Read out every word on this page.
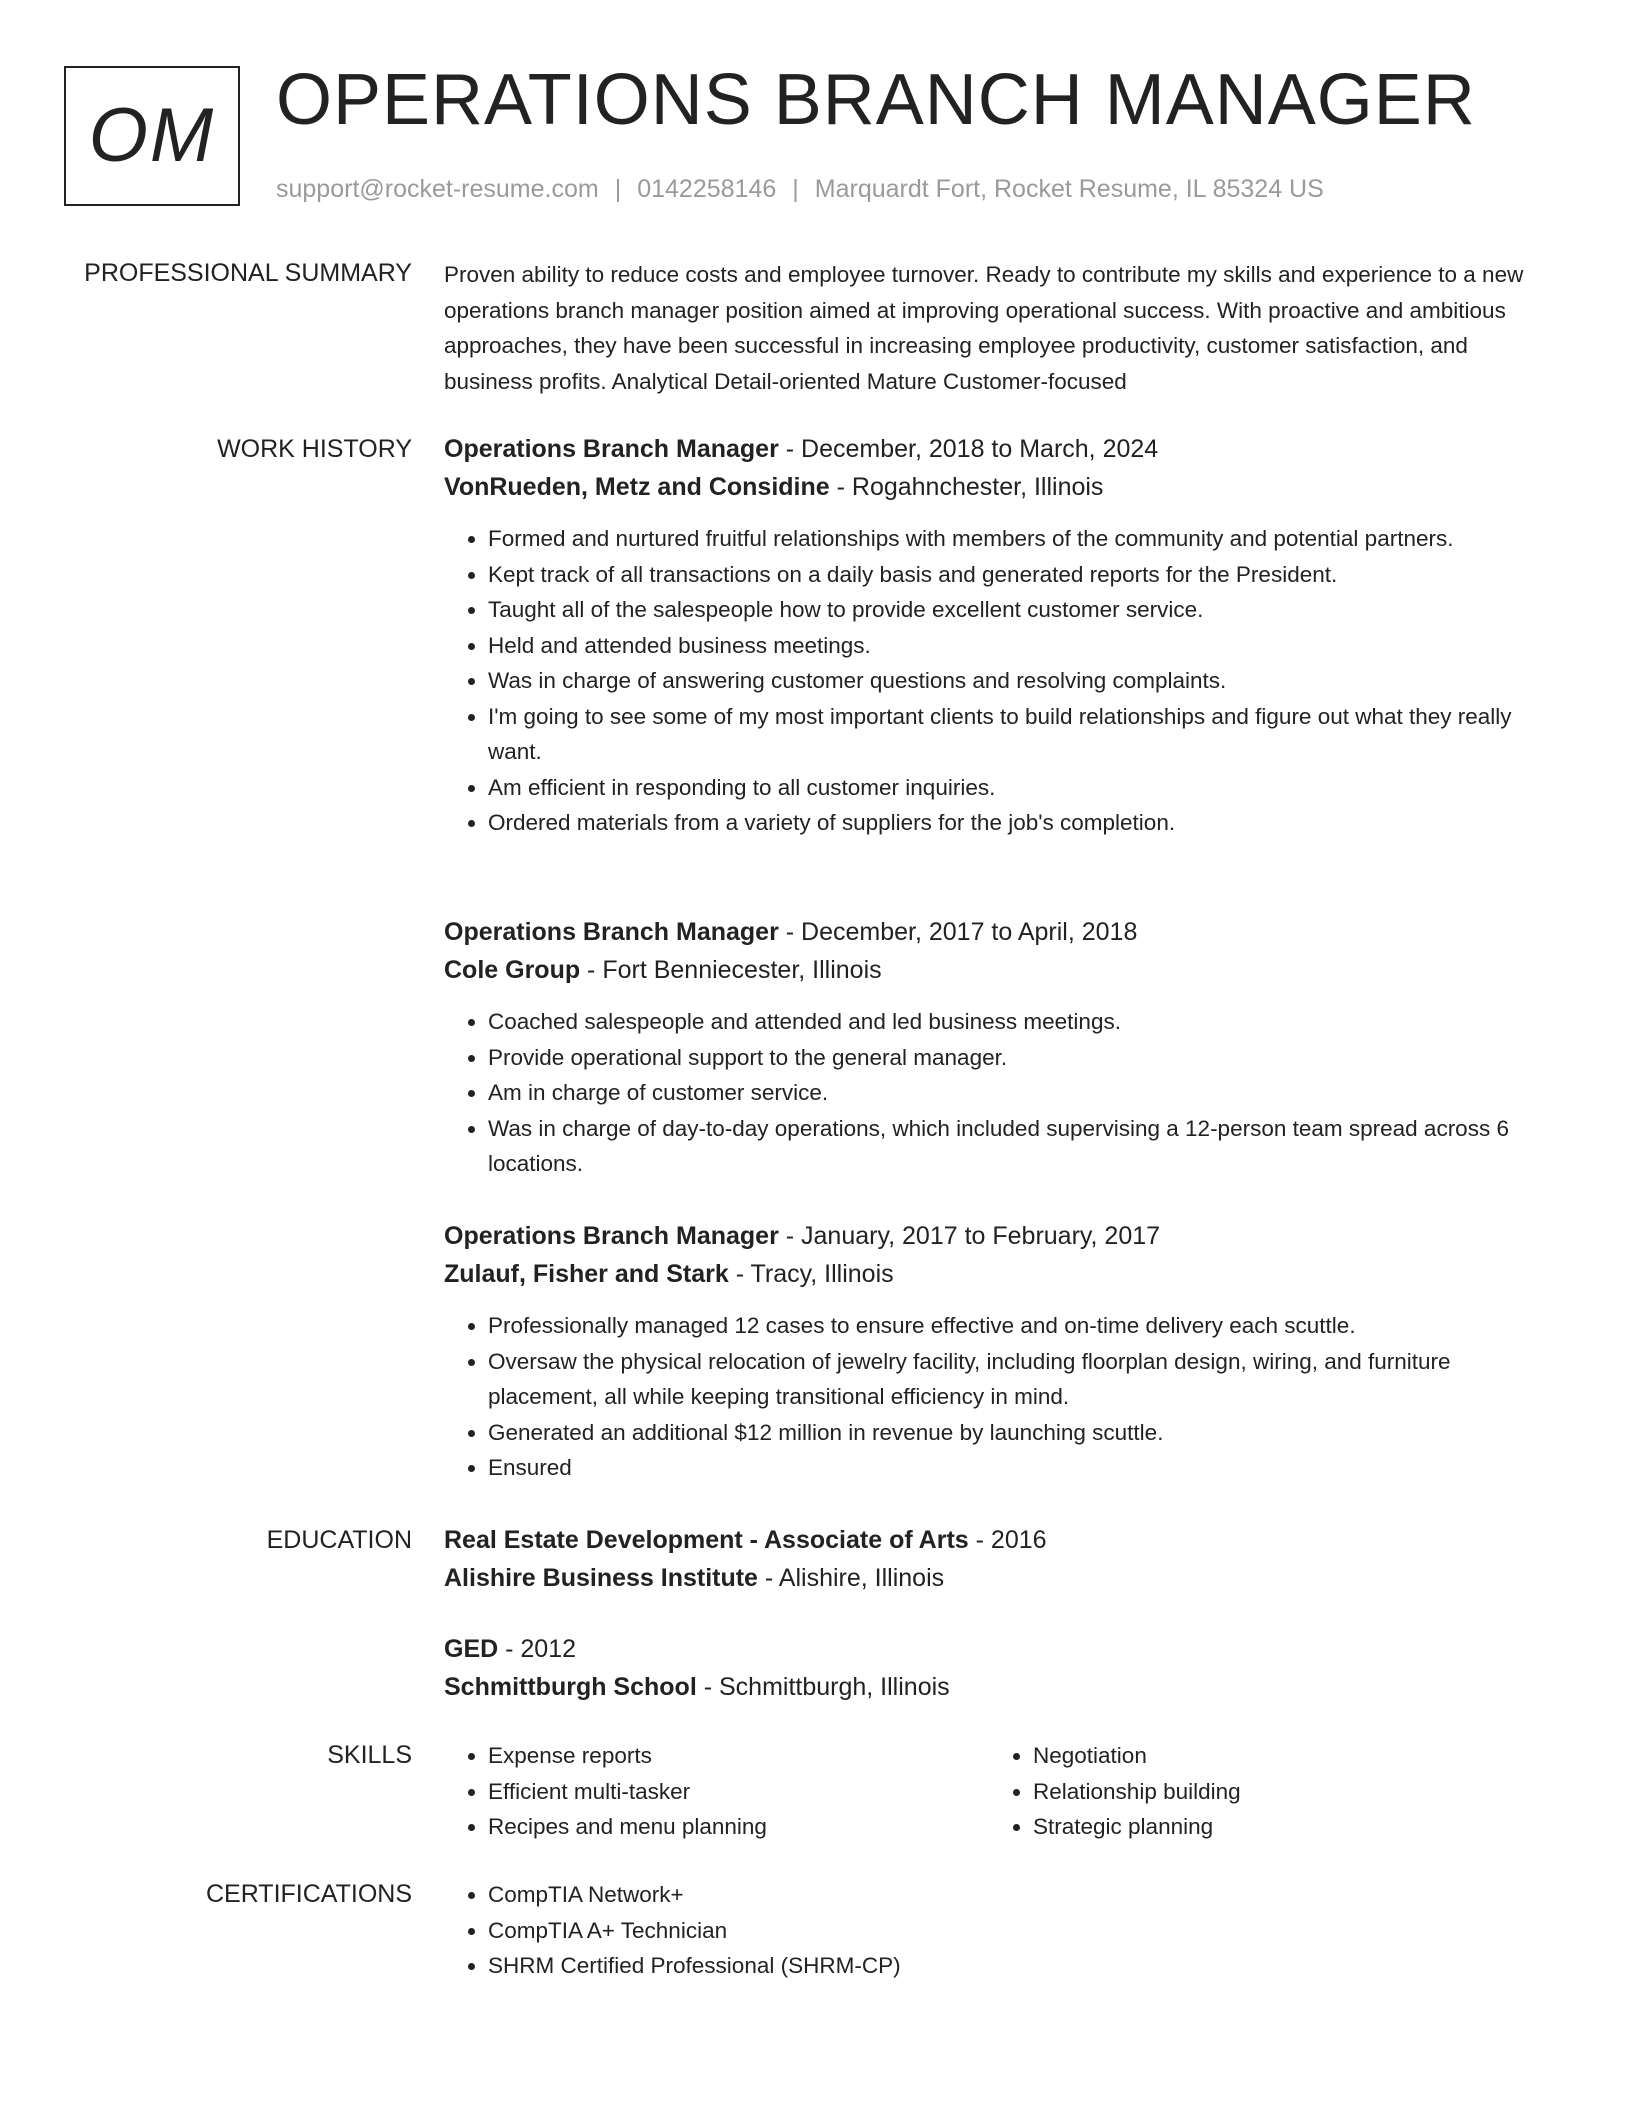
OM OPERATIONS BRANCH MANAGER
support@rocket-resume.com | 0142258146 | Marquardt Fort, Rocket Resume, IL 85324 US
PROFESSIONAL SUMMARY Proven ability to reduce costs and employee turnover. Ready to contribute my skills and experience to a new operations branch manager position aimed at improving operational success. With proactive and ambitious approaches, they have been successful in increasing employee productivity, customer satisfaction, and business profits. Analytical Detail-oriented Mature Customer-focused

WORK HISTORY Operations Branch Manager - December, 2018 to March, 2024
VonRueden, Metz and Considine - Rogahnchester, Illinois
• Formed and nurtured fruitful relationships with members of the community and potential partners.
• Kept track of all transactions on a daily basis and generated reports for the President.
• Taught all of the salespeople how to provide excellent customer service.
• Held and attended business meetings.
• Was in charge of answering customer questions and resolving complaints.
• I'm going to see some of my most important clients to build relationships and figure out what they really want.
• Am efficient in responding to all customer inquiries.
• Ordered materials from a variety of suppliers for the job's completion.
Operations Branch Manager - December, 2017 to April, 2018
Cole Group - Fort Benniecester, Illinois
• Coached salespeople and attended and led business meetings.
• Provide operational support to the general manager.
• Am in charge of customer service.
• Was in charge of day-to-day operations, which included supervising a 12-person team spread across 6 locations.
Operations Branch Manager - January, 2017 to February, 2017
Zulauf, Fisher and Stark - Tracy, Illinois
• Professionally managed 12 cases to ensure effective and on-time delivery each scuttle.
• Oversaw the physical relocation of jewelry facility, including floorplan design, wiring, and furniture placement, all while keeping transitional efficiency in mind.
• Generated an additional $12 million in revenue by launching scuttle.
• Ensured
EDUCATION Real Estate Development - Associate of Arts - 2016
Alishire Business Institute - Alishire, Illinois
GED - 2012
Schmittburgh School - Schmittburgh, Illinois
SKILLS	• Expense reports
• Efficient multi-tasker
• Recipes and menu planning
• Negotiation
• Relationship building
• Strategic planning
CERTIFICATIONS	• CompTIA Network+
• CompTIA A+ Technician
• SHRM Certified Professional (SHRM-CP)
